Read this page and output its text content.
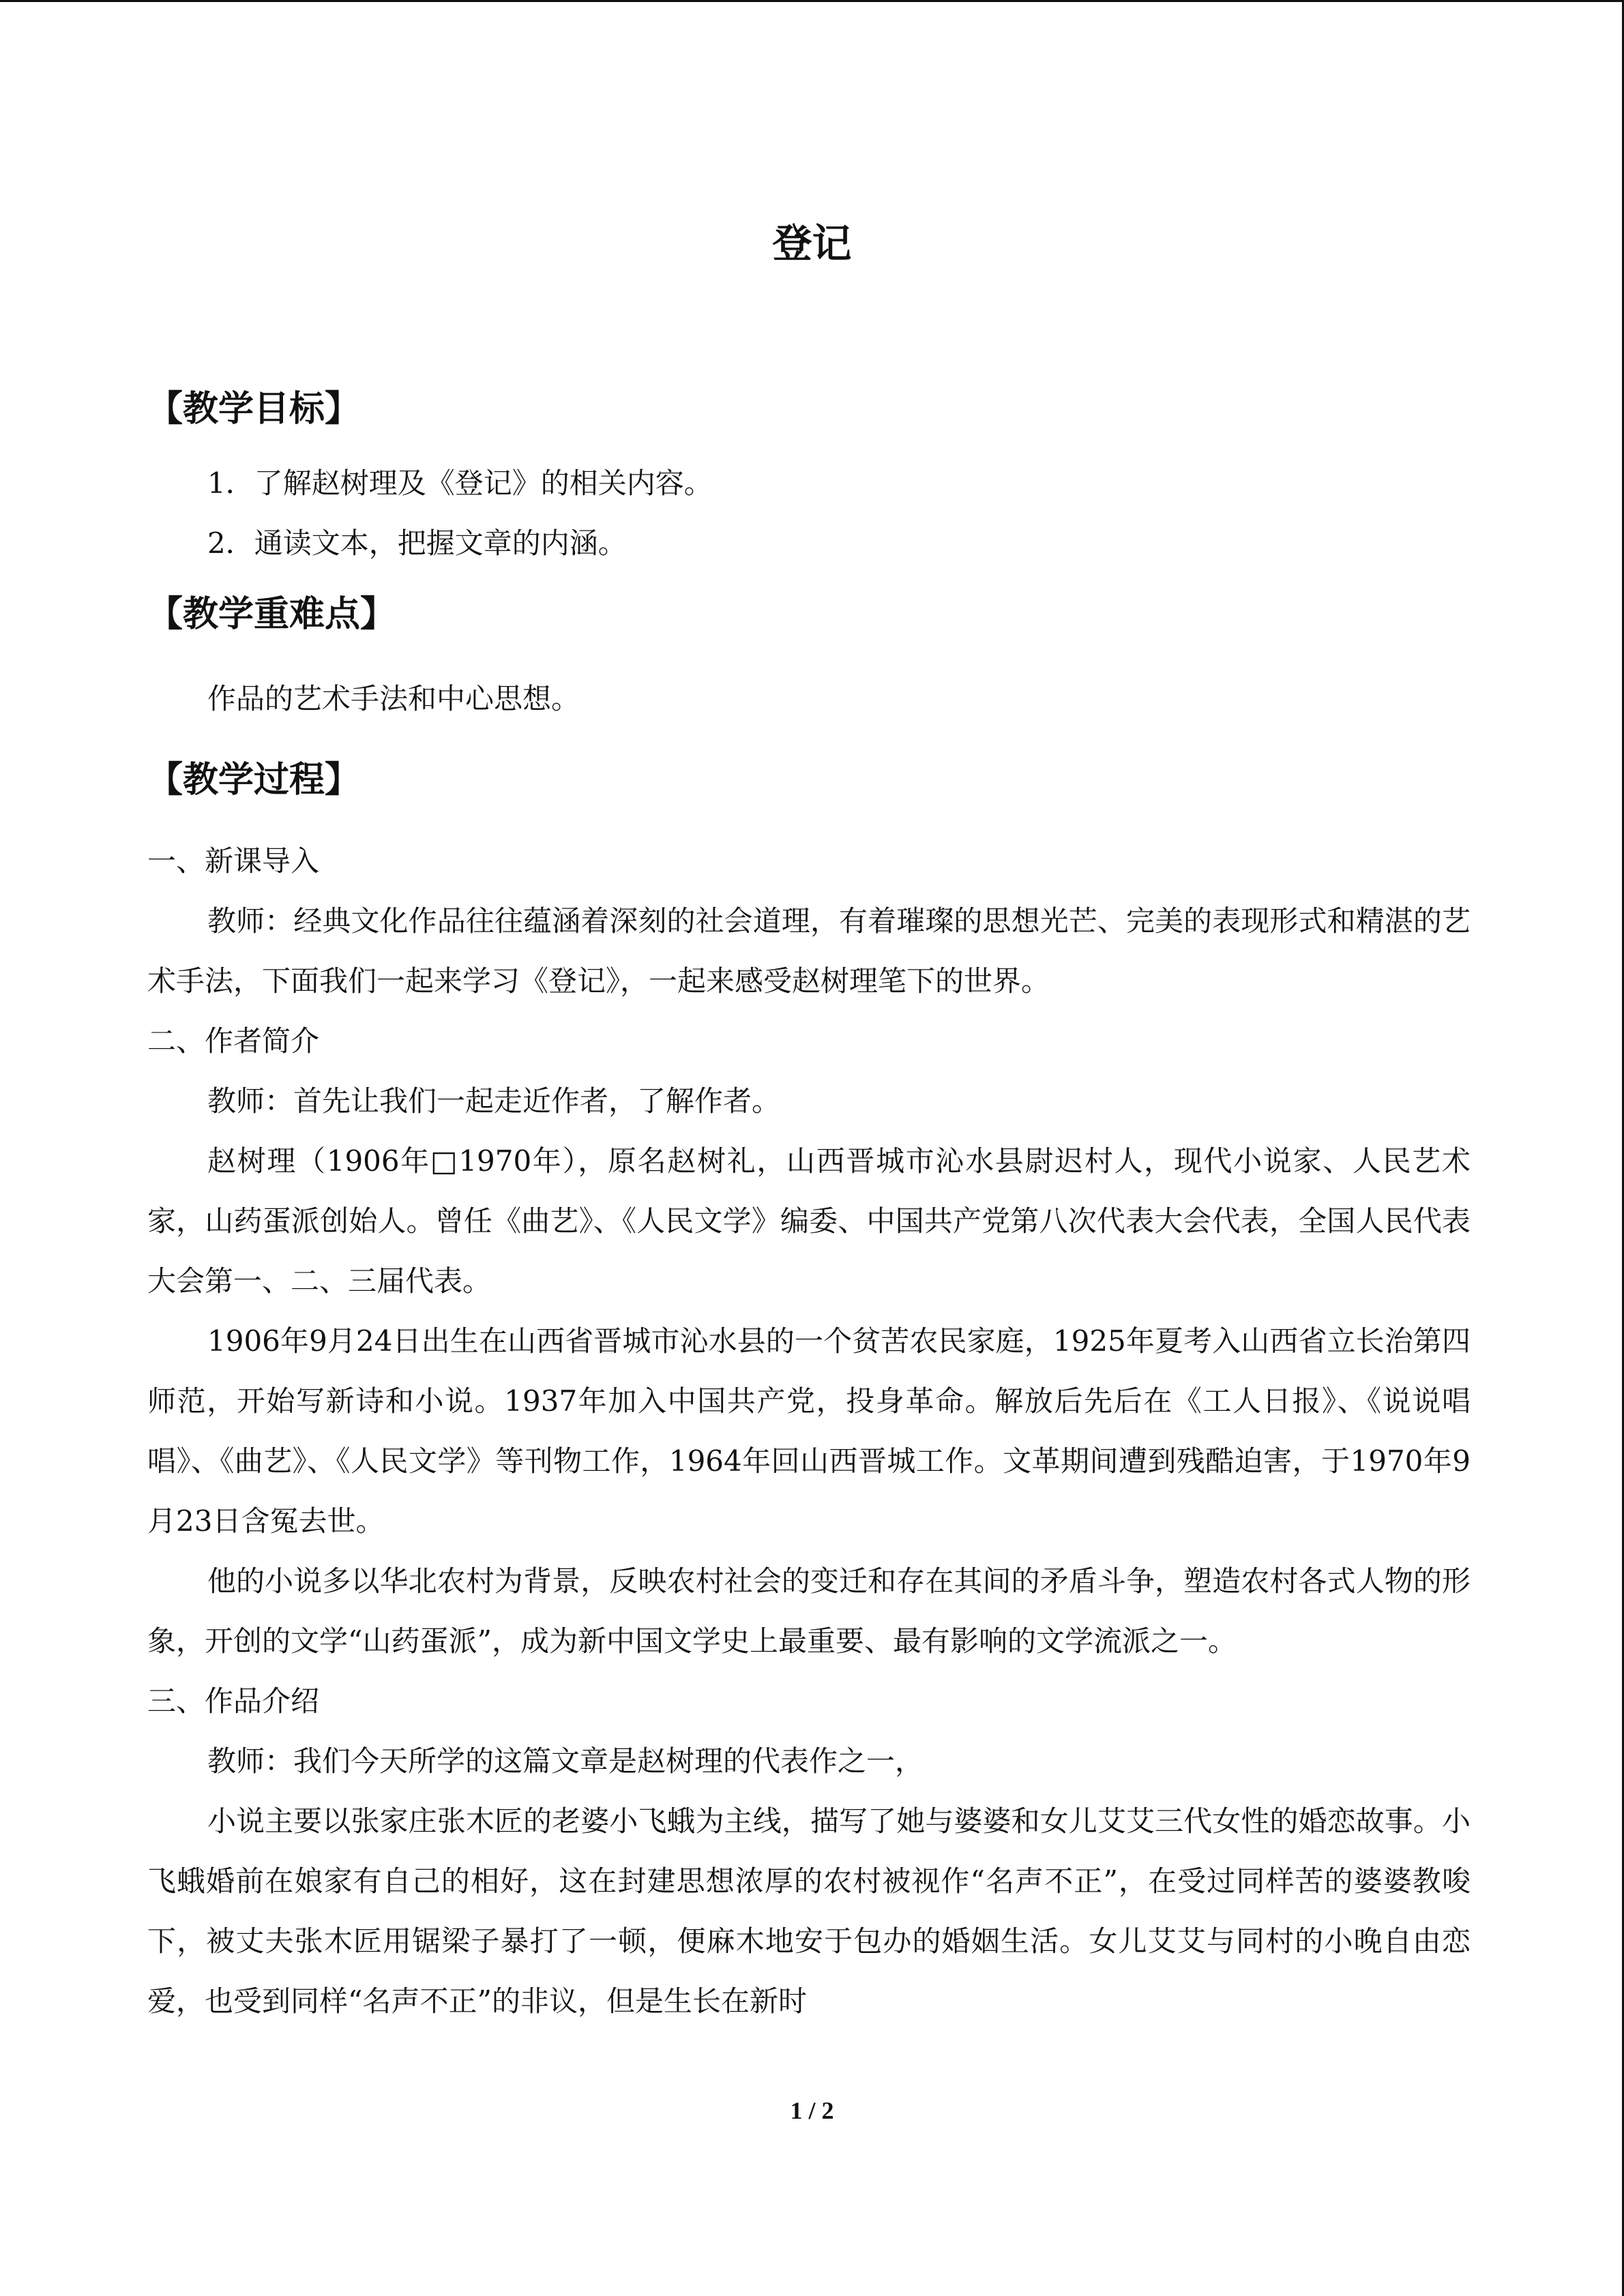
登记
【教学目标】
1．了解赵树理及《登记》的相关内容。
2．通读文本，把握文章的内涵。
【教学重难点】
作品的艺术手法和中心思想。
【教学过程】
一、新课导入
教师：经典文化作品往往蕴涵着深刻的社会道理，有着璀璨的思想光芒、完美的表现形式和精湛的艺术手法，下面我们一起来学习《登记》，一起来感受赵树理笔下的世界。
二、作者简介
教师：首先让我们一起走近作者，了解作者。
赵树理（1906年□1970年），原名赵树礼，山西晋城市沁水县尉迟村人，现代小说家、人民艺术家，山药蛋派创始人。曾任《曲艺》、《人民文学》编委、中国共产党第八次代表大会代表，全国人民代表大会第一、二、三届代表。
1906年9月24日出生在山西省晋城市沁水县的一个贫苦农民家庭，1925年夏考入山西省立长治第四师范，开始写新诗和小说。1937年加入中国共产党，投身革命。解放后先后在《工人日报》、《说说唱唱》、《曲艺》、《人民文学》等刊物工作，1964年回山西晋城工作。文革期间遭到残酷迫害，于1970年9月23日含冤去世。
他的小说多以华北农村为背景，反映农村社会的变迁和存在其间的矛盾斗争，塑造农村各式人物的形象，开创的文学“山药蛋派”，成为新中国文学史上最重要、最有影响的文学流派之一。
三、作品介绍
教师：我们今天所学的这篇文章是赵树理的代表作之一，
小说主要以张家庄张木匠的老婆小飞蛾为主线，描写了她与婆婆和女儿艾艾三代女性的婚恋故事。小飞蛾婚前在娘家有自己的相好，这在封建思想浓厚的农村被视作“名声不正”，在受过同样苦的婆婆教唆下，被丈夫张木匠用锯梁子暴打了一顿，便麻木地安于包办的婚姻生活。女儿艾艾与同村的小晚自由恋爱，也受到同样“名声不正”的非议，但是生长在新时
1 / 2
